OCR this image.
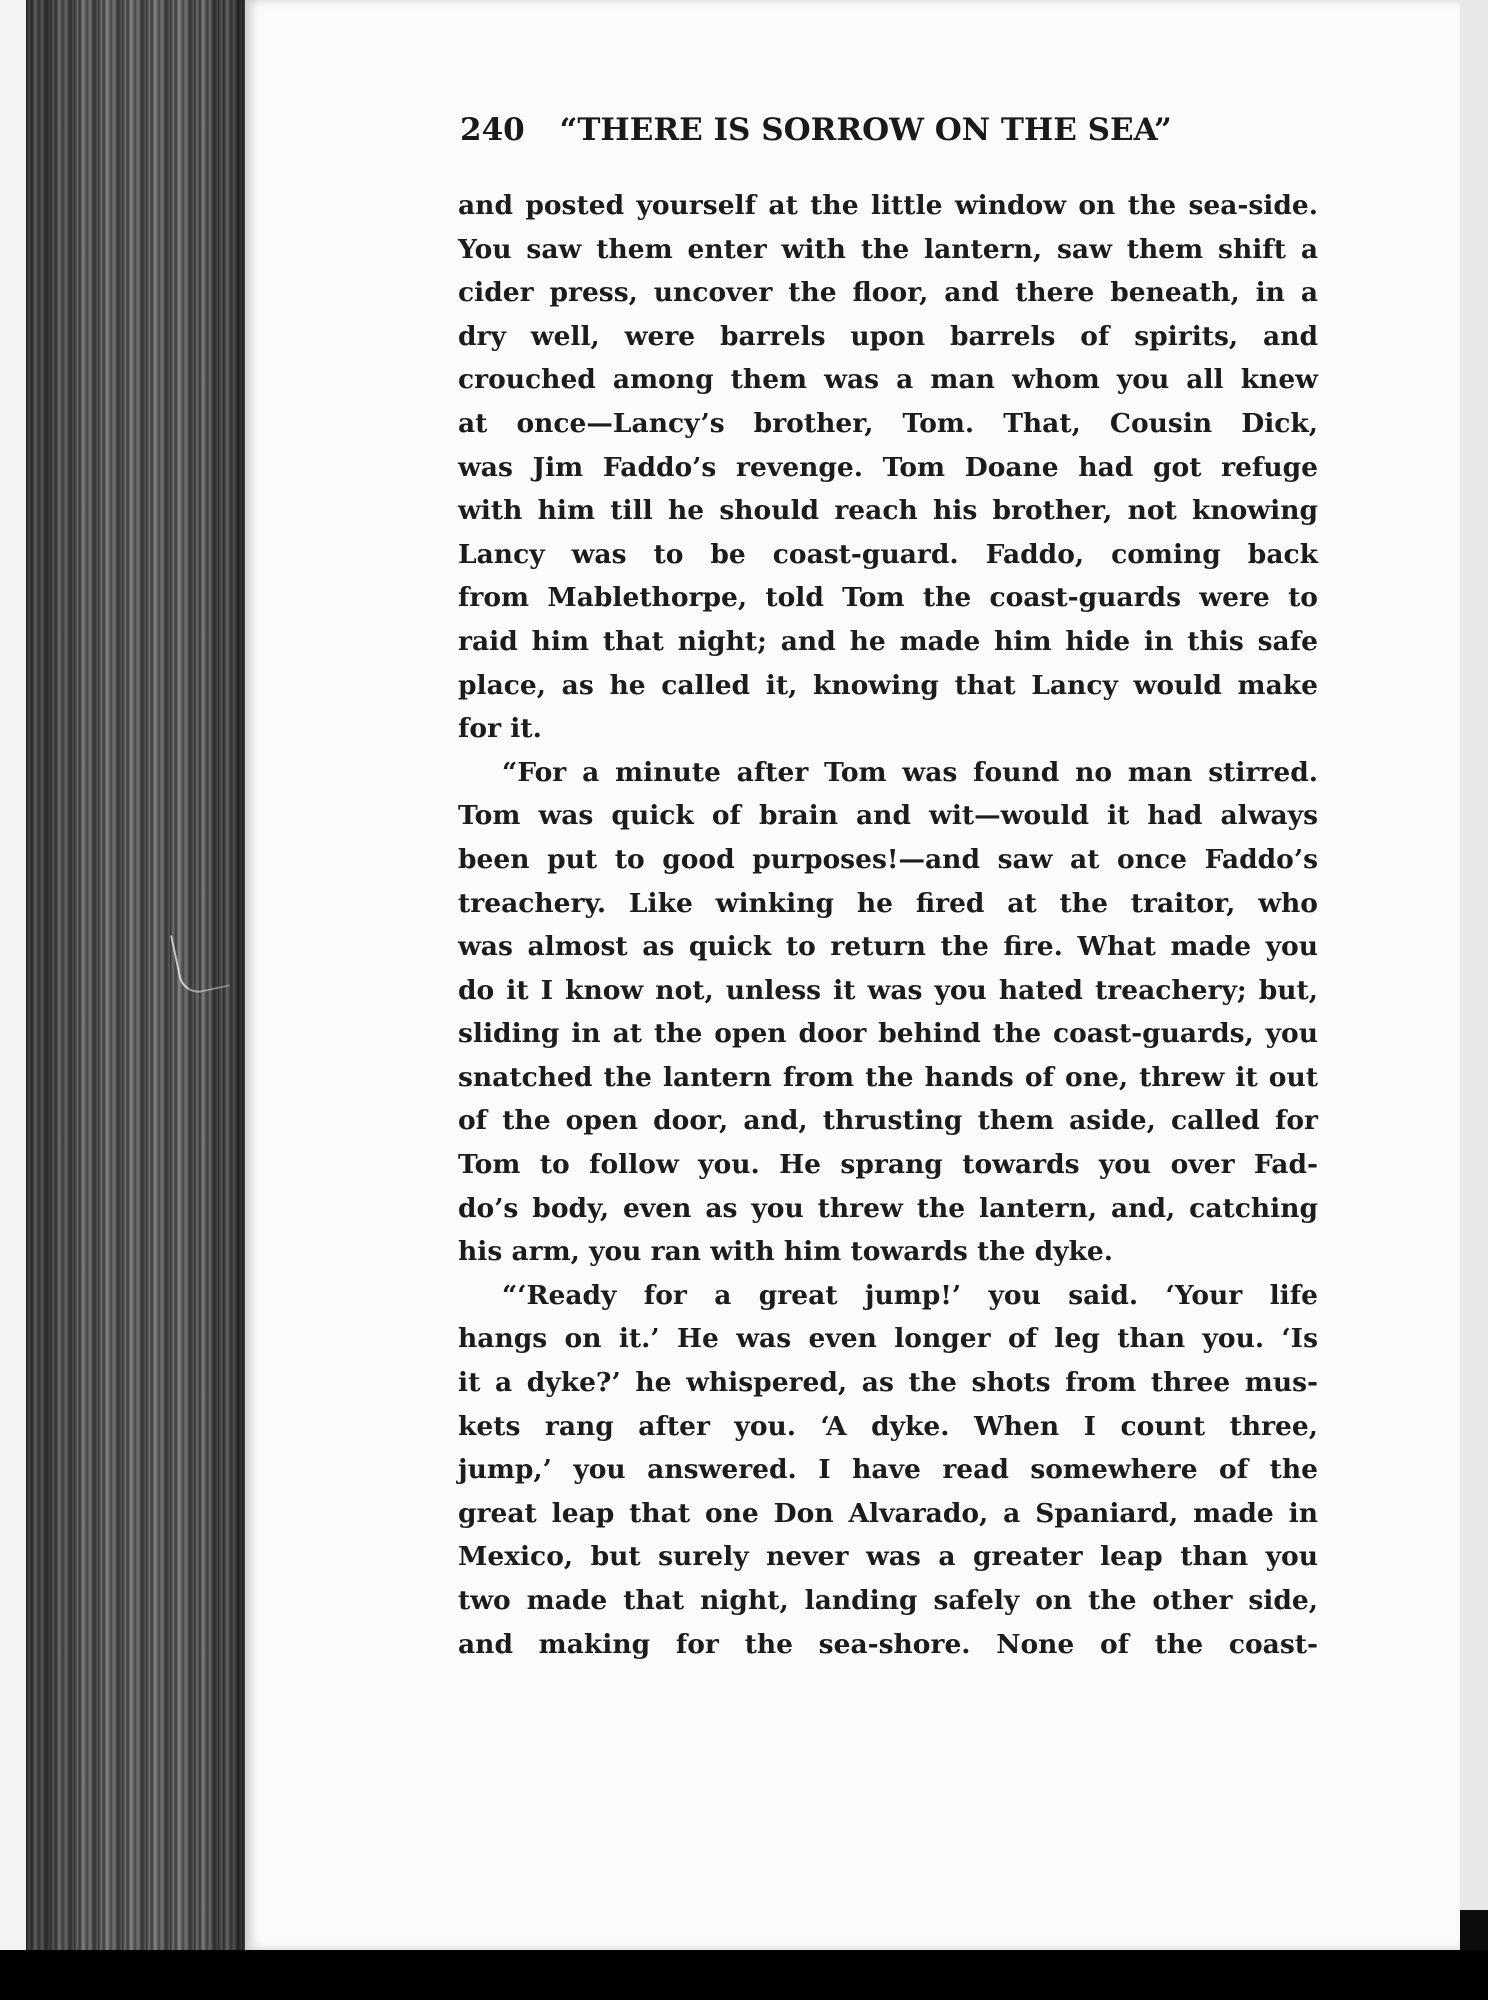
240 “THERE IS SORROW ON THE SEA”
and posted yourself at the little window on the sea-side.
You saw them enter with the lantern, saw them shift a
cider press, uncover the floor, and there beneath, in a
dry well, were barrels upon barrels of spirits, and
crouched among them was a man whom you all knew
at once—Lancy’s brother, Tom. That, Cousin Dick,
was Jim Faddo’s revenge. Tom Doane had got refuge
with him till he should reach his brother, not knowing
Lancy was to be coast-guard. Faddo, coming back
from Mablethorpe, told Tom the coast-guards were to
raid him that night; and he made him hide in this safe
place, as he called it, knowing that Lancy would make
for it.
“For a minute after Tom was found no man stirred.
Tom was quick of brain and wit—would it had always
been put to good purposes!—and saw at once Faddo’s
treachery. Like winking he fired at the traitor, who
was almost as quick to return the fire. What made you
do it I know not, unless it was you hated treachery; but,
sliding in at the open door behind the coast-guards, you
snatched the lantern from the hands of one, threw it out
of the open door, and, thrusting them aside, called for
Tom to follow you. He sprang towards you over Fad-
do’s body, even as you threw the lantern, and, catching
his arm, you ran with him towards the dyke.
“‘Ready for a great jump!’ you said. ‘Your life
hangs on it.’ He was even longer of leg than you. ‘Is
it a dyke?’ he whispered, as the shots from three mus-
kets rang after you. ‘A dyke. When I count three,
jump,’ you answered. I have read somewhere of the
great leap that one Don Alvarado, a Spaniard, made in
Mexico, but surely never was a greater leap than you
two made that night, landing safely on the other side,
and making for the sea-shore. None of the coast-
